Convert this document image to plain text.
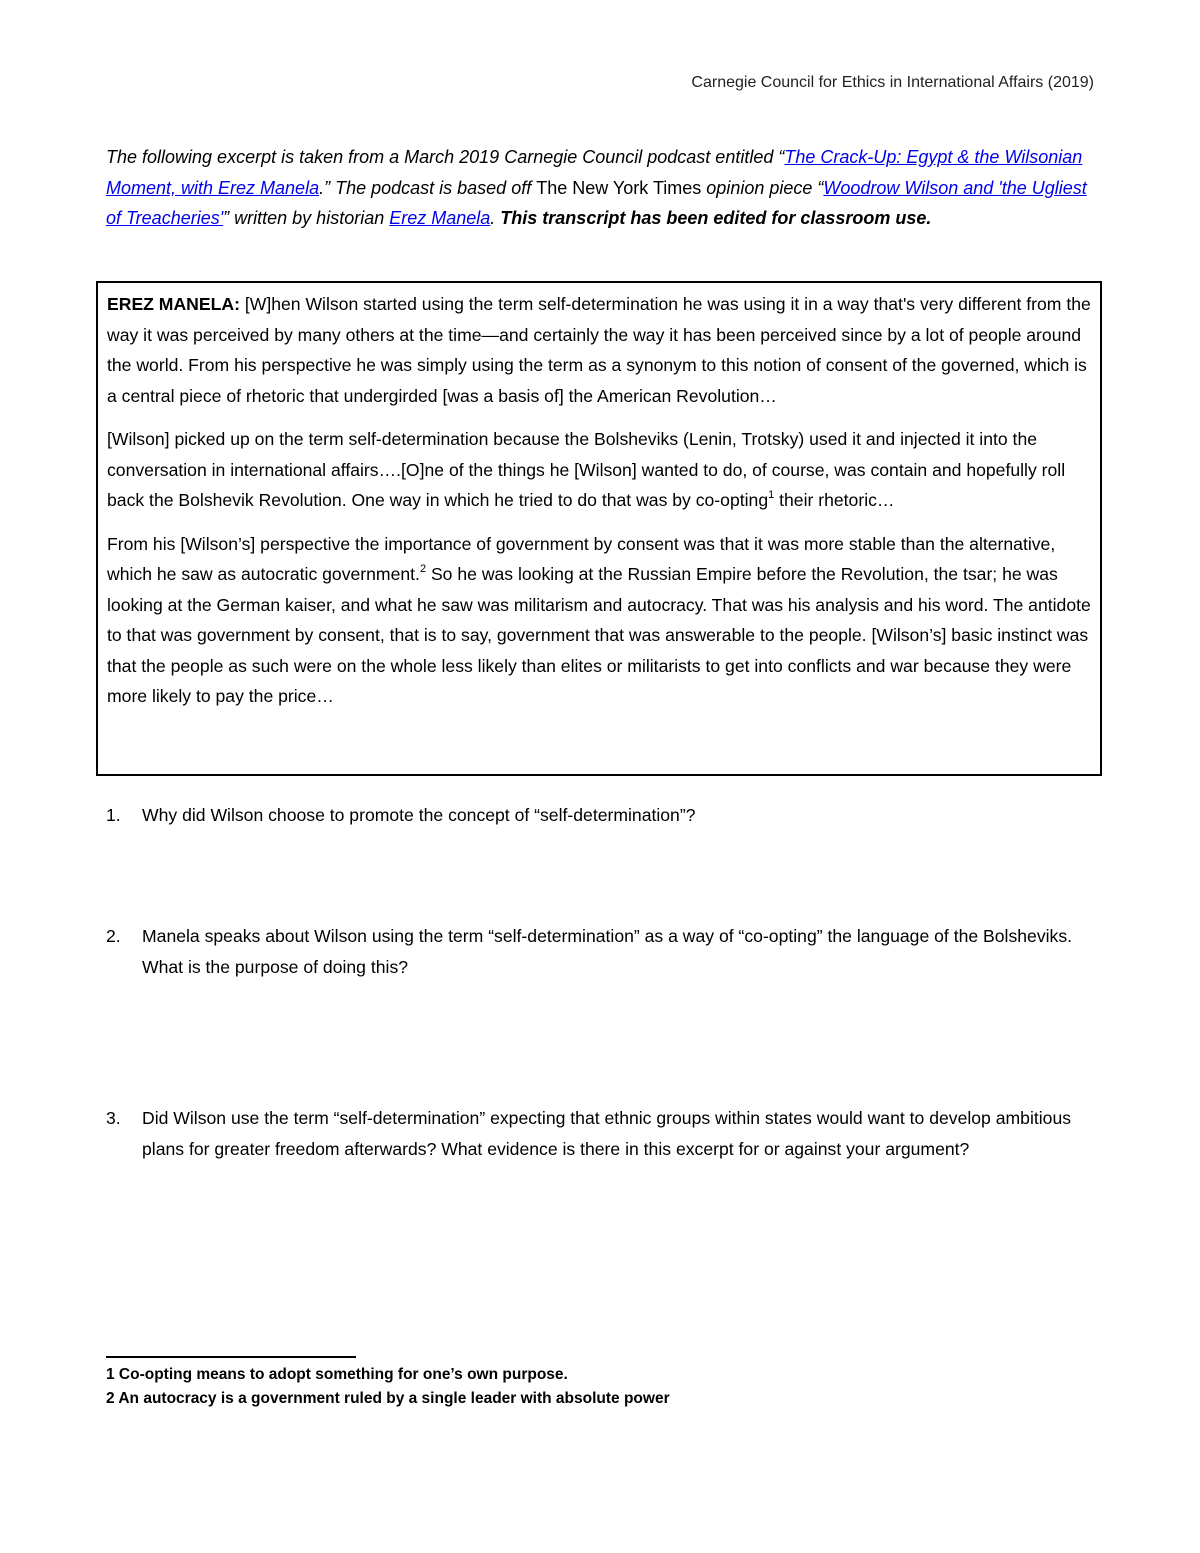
Carnegie Council for Ethics in International Affairs (2019)
The following excerpt is taken from a March 2019 Carnegie Council podcast entitled “The Crack-Up: Egypt & the Wilsonian Moment, with Erez Manela.” The podcast is based off The New York Times opinion piece “Woodrow Wilson and 'the Ugliest of Treacheries'” written by historian Erez Manela. This transcript has been edited for classroom use.

EREZ MANELA: [W]hen Wilson started using the term self-determination he was using it in a way that's very different from the way it was perceived by many others at the time—and certainly the way it has been perceived since by a lot of people around the world. From his perspective he was simply using the term as a synonym to this notion of consent of the governed, which is a central piece of rhetoric that undergirded [was a basis of] the American Revolution…

[Wilson] picked up on the term self-determination because the Bolsheviks (Lenin, Trotsky) used it and injected it into the conversation in international affairs….[O]ne of the things he [Wilson] wanted to do, of course, was contain and hopefully roll back the Bolshevik Revolution. One way in which he tried to do that was by co-opting$^1$ their rhetoric…

From his [Wilson’s] perspective the importance of government by consent was that it was more stable than the alternative, which he saw as autocratic government.$^2$ So he was looking at the Russian Empire before the Revolution, the tsar; he was looking at the German kaiser, and what he saw was militarism and autocracy. That was his analysis and his word. The antidote to that was government by consent, that is to say, government that was answerable to the people. [Wilson’s] basic instinct was that the people as such were on the whole less likely than elites or militarists to get into conflicts and war because they were more likely to pay the price…

1. Why did Wilson choose to promote the concept of “self-determination”?
2. Manela speaks about Wilson using the term “self-determination” as a way of “co-opting” the language of the Bolsheviks. What is the purpose of doing this?
3. Did Wilson use the term “self-determination” expecting that ethnic groups within states would want to develop ambitious plans for greater freedom afterwards? What evidence is there in this excerpt for or against your argument?
1 Co-opting means to adopt something for one’s own purpose.
2 An autocracy is a government ruled by a single leader with absolute power
